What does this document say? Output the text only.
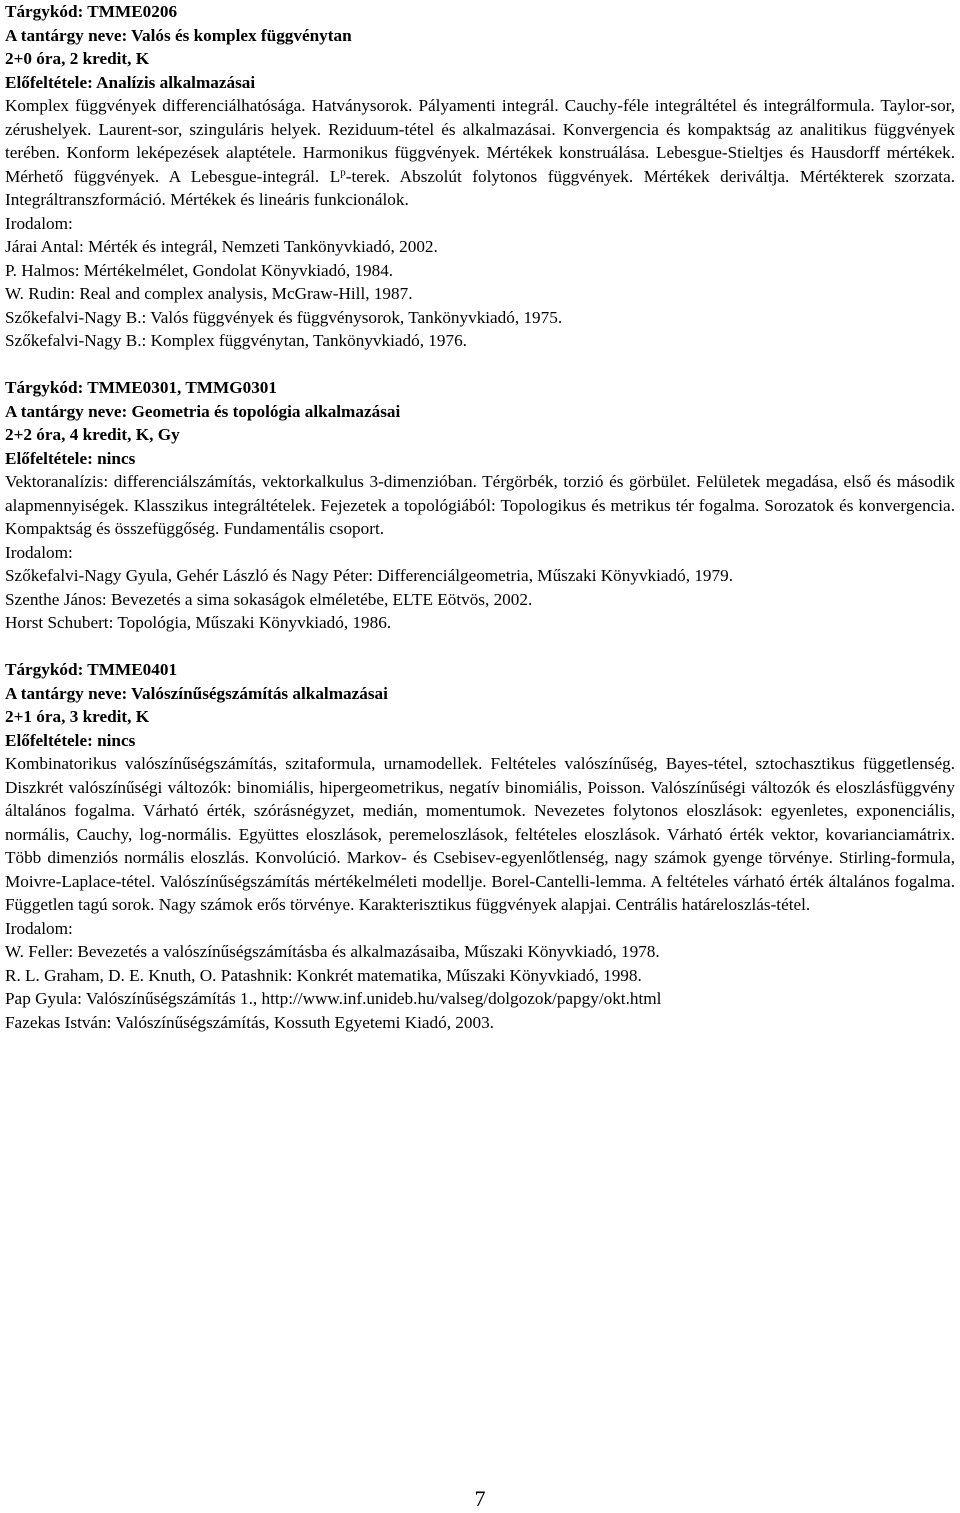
Tárgykód: TMME0206

A tantárgy neve: Valós és komplex függvénytan

2+0 óra, 2 kredit, K

Előfeltétele: Analízis alkalmazásai

Komplex függvények differenciálhatósága. Hatványsorok. Pályamenti integrál. Cauchy-féle integráltétel és integrálformula. Taylor-sor, zérushelyek. Laurent-sor, szinguláris helyek. Reziduum-tétel és alkalmazásai. Konvergencia és kompaktság az analitikus függvények terében. Konform leképezések alaptétele. Harmonikus függvények. Mértékek konstruálása. Lebesgue-Stieltjes és Hausdorff mértékek. Mérhető függvények. A Lebesgue-integrál. $L^p$-terek. Abszolút folytonos függvények. Mértékek deriváltja. Mértékterek szorzata. Integráltranszformáció. Mértékek és lineáris funkcionálok.

Irodalom:

Járai Antal: Mérték és integrál, Nemzeti Tankönyvkiadó, 2002.

P. Halmos: Mértékelmélet, Gondolat Könyvkiadó, 1984.

W. Rudin: Real and complex analysis, McGraw-Hill, 1987.

Szőkefalvi-Nagy B.: Valós függvények és függvénysorok, Tankönyvkiadó, 1975.

Szőkefalvi-Nagy B.: Komplex függvénytan, Tankönyvkiadó, 1976.

Tárgykód: TMME0301, TMMG0301

A tantárgy neve: Geometria és topológia alkalmazásai

2+2 óra, 4 kredit, K, Gy

Előfeltétele: nincs

Vektoranalízis: differenciálszámítás, vektorkalkulus 3-dimenzióban. Térgörbék, torzió és görbület. Felületek megadása, első és második alapmennyiségek. Klasszikus integráltételek. Fejezetek a topológiából: Topologikus és metrikus tér fogalma. Sorozatok és konvergencia. Kompaktság és összefüggőség. Fundamentális csoport.

Irodalom:

Szőkefalvi-Nagy Gyula, Gehér László és Nagy Péter: Differenciálgeometria, Műszaki Könyvkiadó, 1979.

Szenthe János: Bevezetés a sima sokaságok elméletébe, ELTE Eötvös, 2002.

Horst Schubert: Topológia, Műszaki Könyvkiadó, 1986.

Tárgykód: TMME0401

A tantárgy neve: Valószínűségszámítás alkalmazásai

2+1 óra, 3 kredit, K

Előfeltétele: nincs

Kombinatorikus valószínűségszámítás, szitaformula, urnamodellek. Feltételes valószínűség, Bayes-tétel, sztochasztikus függetlenség. Diszkrét valószínűségi változók: binomiális, hipergeometrikus, negatív binomiális, Poisson. Valószínűségi változók és eloszlásfüggvény általános fogalma. Várható érték, szórásnégyzet, medián, momentumok. Nevezetes folytonos eloszlások: egyenletes, exponenciális, normális, Cauchy, log-normális. Együttes eloszlások, peremeloszlások, feltételes eloszlások. Várható érték vektor, kovarianciamátrix. Több dimenziós normális eloszlás. Konvolúció. Markov- és Csebisev-egyenlőtlenség, nagy számok gyenge törvénye. Stirling-formula, Moivre-Laplace-tétel. Valószínűségszámítás mértékelméleti modellje. Borel-Cantelli-lemma. A feltételes várható érték általános fogalma. Független tagú sorok. Nagy számok erős törvénye. Karakterisztikus függvények alapjai. Centrális határeloszlás-tétel.

Irodalom:

W. Feller: Bevezetés a valószínűségszámításba és alkalmazásaiba, Műszaki Könyvkiadó, 1978.

R. L. Graham, D. E. Knuth, O. Patashnik: Konkrét matematika, Műszaki Könyvkiadó, 1998.

Pap Gyula: Valószínűségszámítás 1., http://www.inf.unideb.hu/valseg/dolgozok/papgy/okt.html

Fazekas István: Valószínűségszámítás, Kossuth Egyetemi Kiadó, 2003.

7
